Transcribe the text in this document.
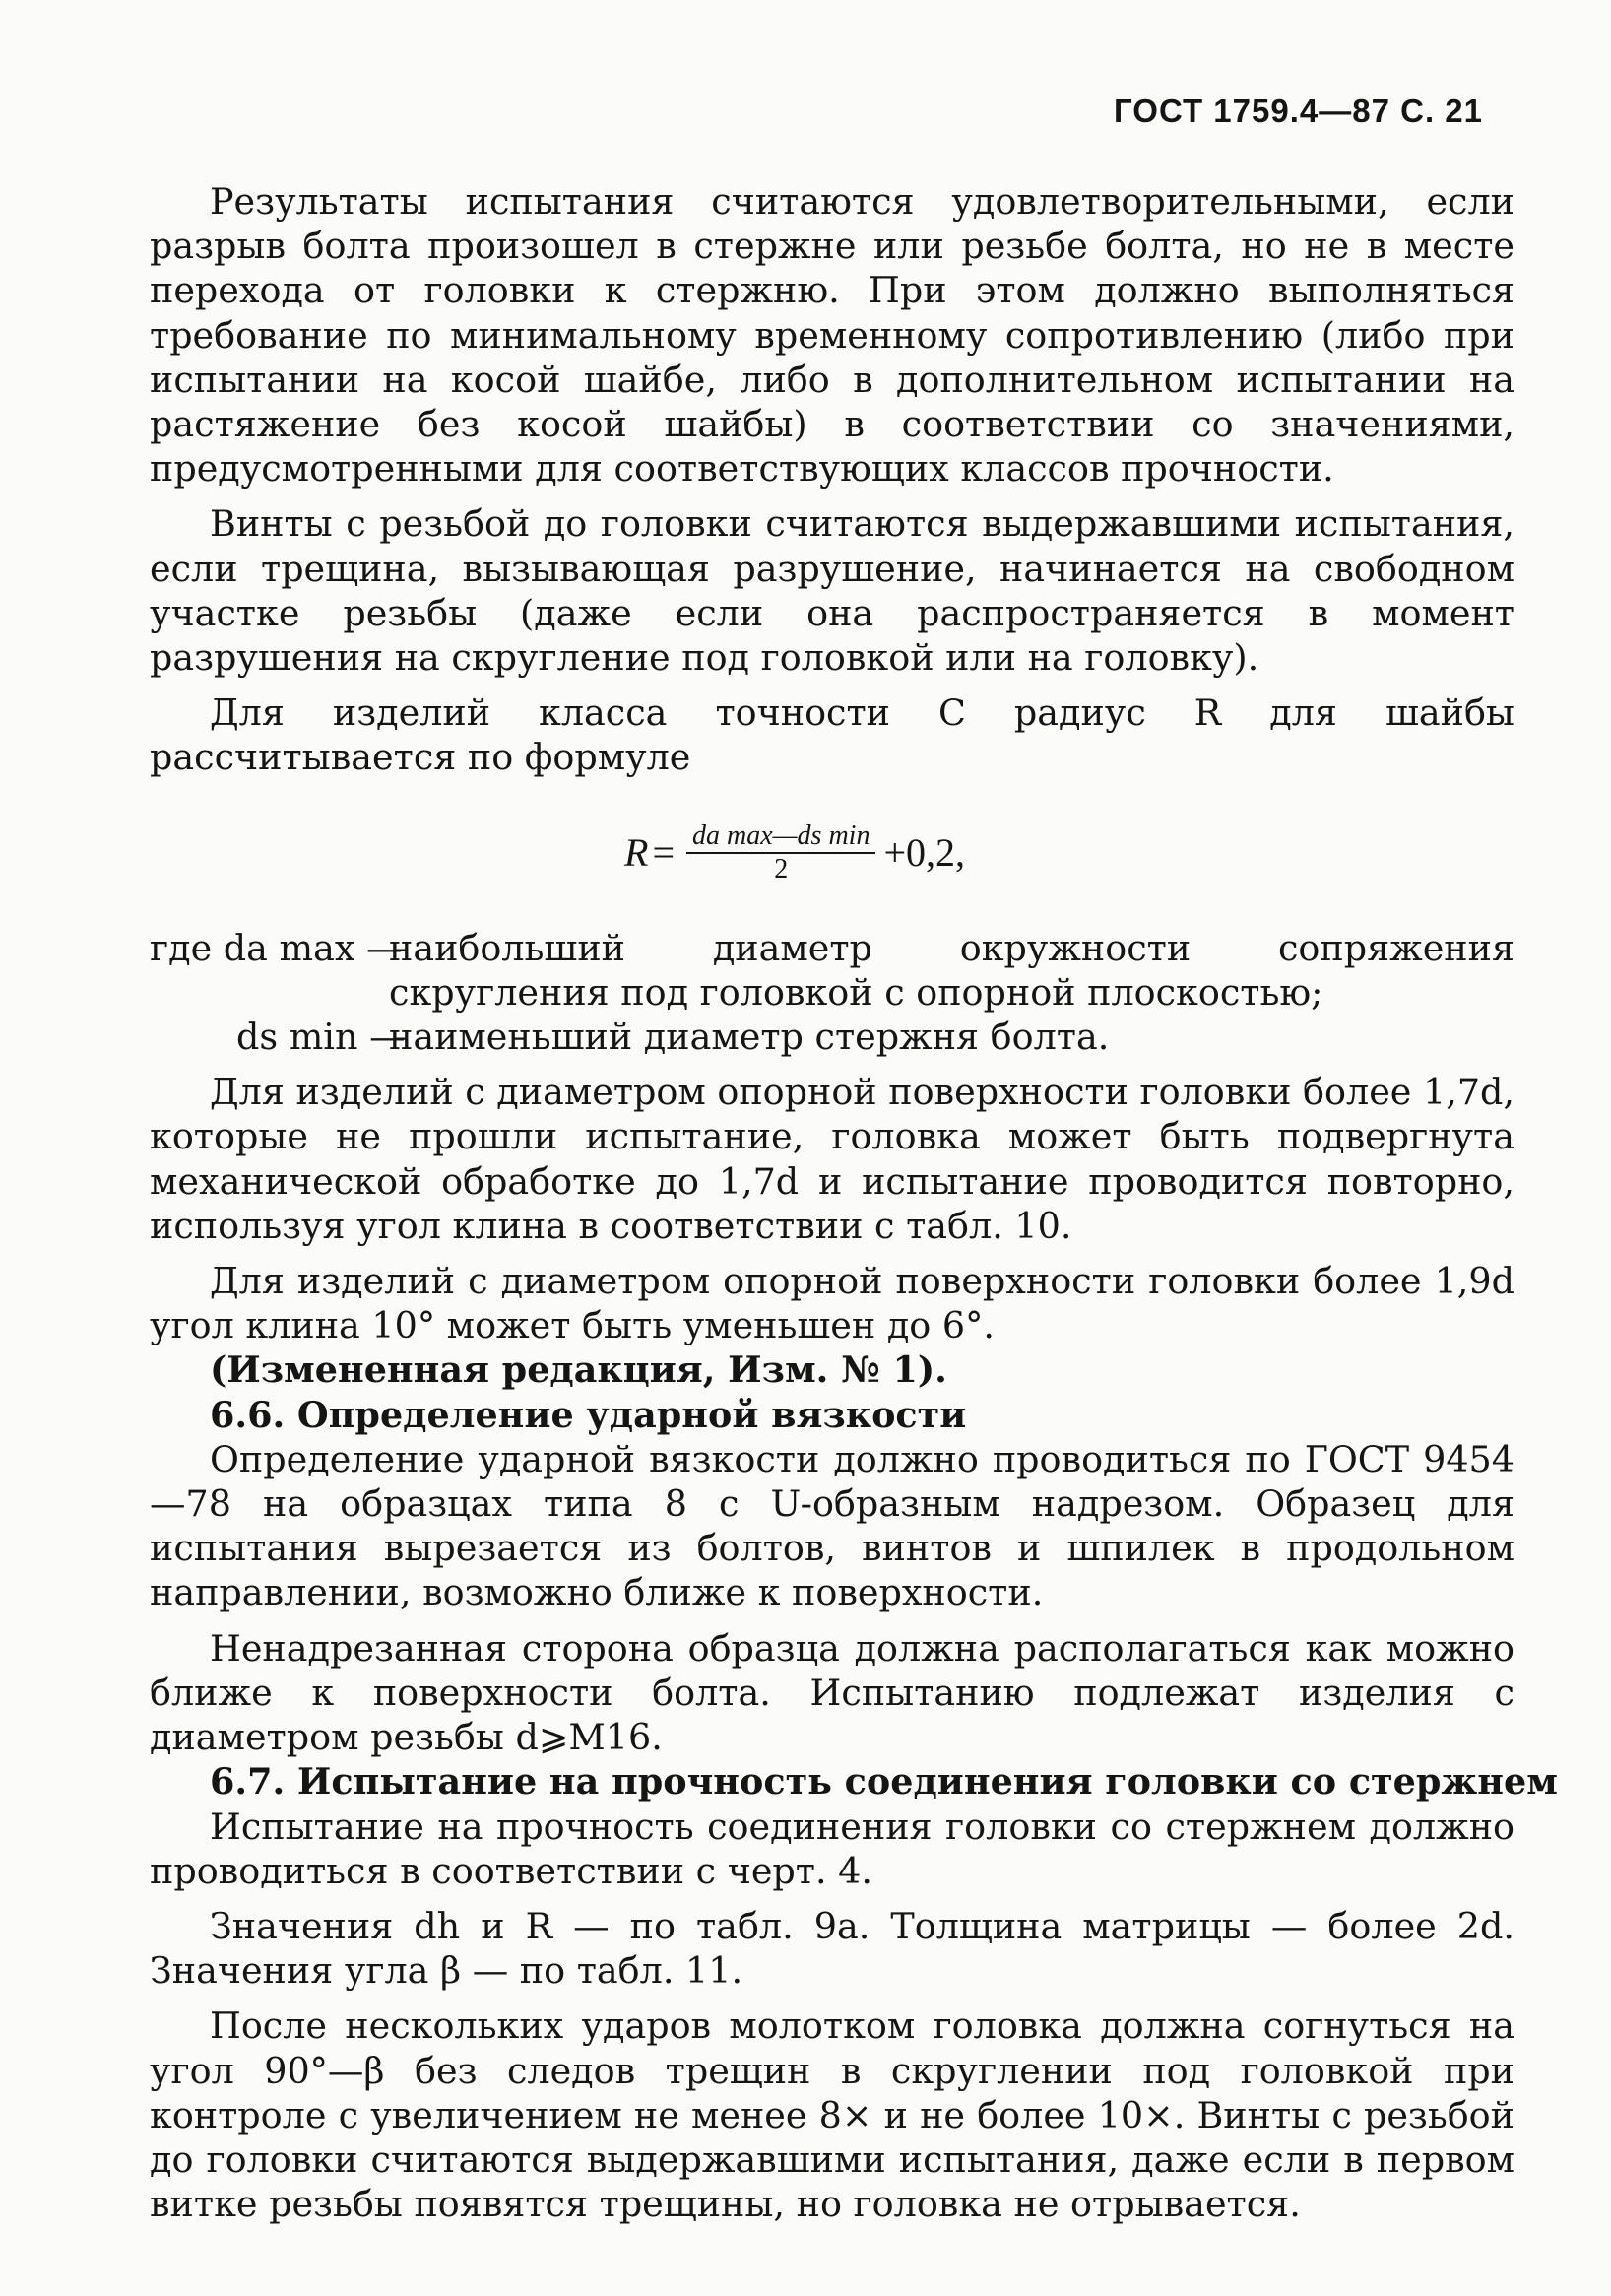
ГОСТ 1759.4—87 С. 21

Результаты испытания считаются удовлетворительными, если разрыв болта произошел в стержне или резьбе болта, но не в месте перехода от головки к стержню. При этом должно выполняться требование по минимальному временному сопротивлению (либо при испытании на косой шайбе, либо в дополнительном испытании на растяжение без косой шайбы) в соответствии со значениями, предусмотренными для соответствующих классов прочности.

Винты с резьбой до головки считаются выдержавшими испытания, если трещина, вызывающая разрушение, начинается на свободном участке резьбы (даже если она распространяется в момент разрушения на скругление под головкой или на головку).

Для изделий класса точности С радиус R для шайбы рассчитывается по формуле

$R = \frac{\text{da max—ds min}}{2} +0,2$,
где da max —
наибольший диаметр окружности сопряжения скругления под головкой с опорной плоскостью;
ds min —
наименьший диаметр стержня болта.

Для изделий с диаметром опорной поверхности головки более 1,7d, которые не прошли испытание, головка может быть подвергнута механической обработке до 1,7d и испытание проводится повторно, используя угол клина в соответствии с табл. 10.

Для изделий с диаметром опорной поверхности головки более 1,9d угол клина 10° может быть уменьшен до 6°.

(Измененная редакция, Изм. № 1).

6.6. Определение ударной вязкости

Определение ударной вязкости должно проводиться по ГОСТ 9454—78 на образцах типа 8 с U-образным надрезом. Образец для испытания вырезается из болтов, винтов и шпилек в продольном направлении, возможно ближе к поверхности.

Ненадрезанная сторона образца должна располагаться как можно ближе к поверхности болта. Испытанию подлежат изделия с диаметром резьбы d⩾M16.

6.7. Испытание на прочность соединения головки со стержнем

Испытание на прочность соединения головки со стержнем должно проводиться в соответствии с черт. 4.

Значения dh и R — по табл. 9а. Толщина матрицы — более 2d. Значения угла β — по табл. 11.

После нескольких ударов молотком головка должна согнуться на угол 90°—β без следов трещин в скруглении под головкой при контроле с увеличением не менее 8× и не более 10×. Винты с резьбой до головки считаются выдержавшими испытания, даже если в первом витке резьбы появятся трещины, но головка не отрывается.
